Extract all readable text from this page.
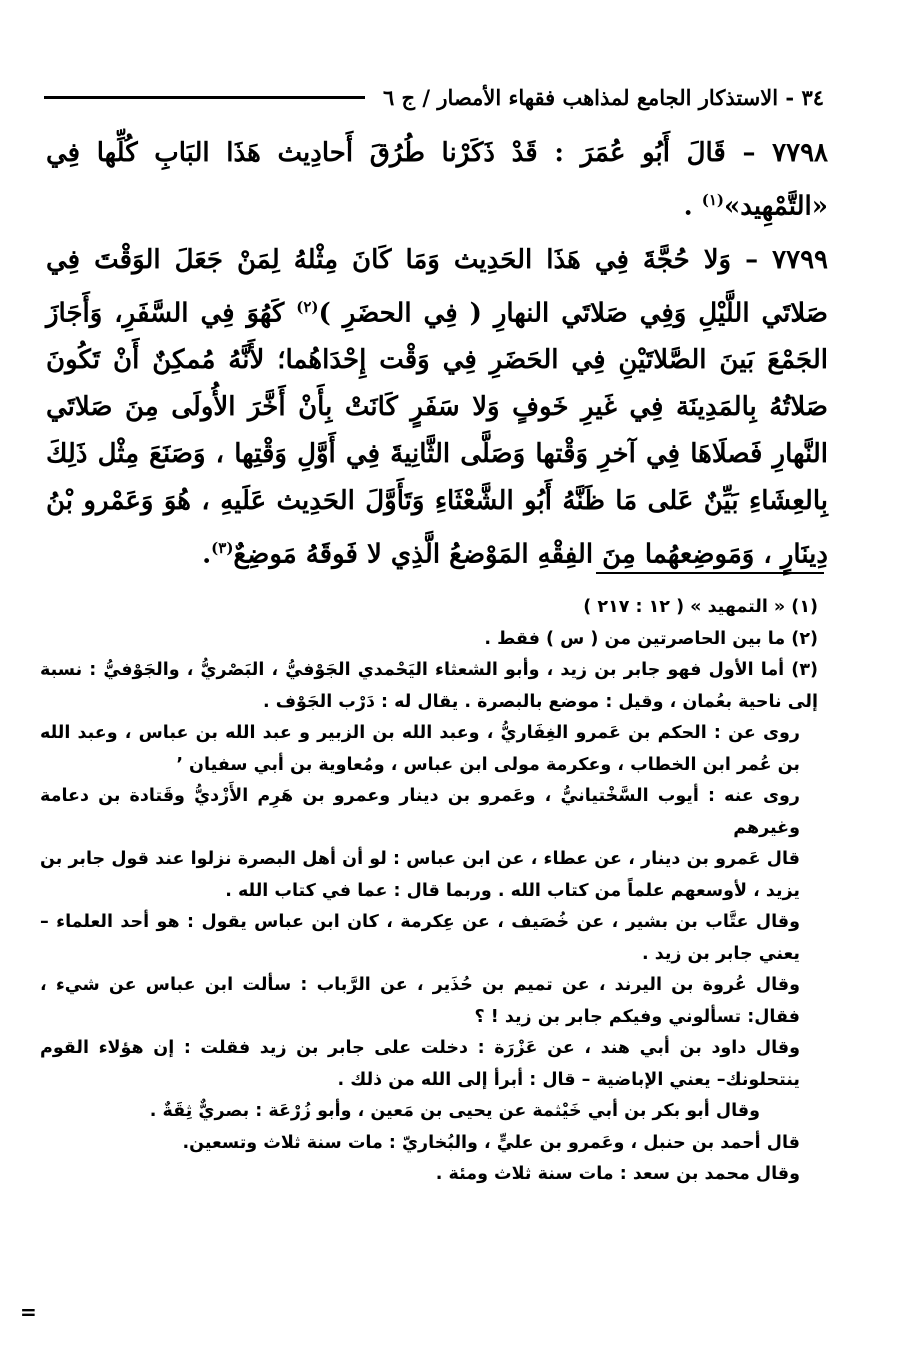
٣٤ - الاستذكار الجامع لمذاهب فقهاء الأمصار / ج ٦

٧٧٩٨ – قَالَ أَبُو عُمَرَ : قَدْ ذَكَرْنا طُرُقَ أَحادِيث هَذَا البَابِ كُلِّها فِي «التَّمْهِيد»$^{(١)}$ .

٧٧٩٩ – وَلا حُجَّةَ فِي هَذَا الحَدِيث وَمَا كَانَ مِثْلهُ لِمَنْ جَعَلَ الوَقْتَ فِي صَلاتَي اللَّيْلِ وَفِي صَلاتَي النهارِ ( فِي الحضَرِ )$^{(٢)}$ كَهُوَ فِي السَّفَرِ، وَأَجَازَ الجَمْعَ بَينَ الصَّلاتَيْنِ فِي الحَضَرِ فِي وَقْت إِحْدَاهُما؛ لأَنَّهُ مُمكِنٌ أَنْ تَكُونَ صَلاتُهُ بِالمَدِينَة فِي غَيرِ خَوفٍ وَلا سَفَرٍ كَانَتْ بِأَنْ أَخَّرَ الأُولَى مِنَ صَلاتَي النَّهارِ فَصلَاهَا فِي آخرِ وَقْتها وَصَلَّى الثَّانِيةَ فِي أَوَّلِ وَقْتِها ، وَصَنَعَ مِثْل ذَلِكَ بِالعِشَاءِ بَيِّنٌ عَلى مَا ظَنَّهُ أَبُو الشَّعْثَاءِ وَتَأَوَّلَ الحَدِيث عَلَيهِ ، هُوَ وَعَمْرو بْنُ دِينَارٍ ، وَمَوضِعهُما مِنَ الفِقْهِ المَوْضعُ الَّذِي لا فَوقَهُ مَوضِعٌ$^{(٣)}$.

(١) « التمهيد » ( ١٢ : ٢١٧ )

(٢) ما بين الحاصرتين من ( س ) فقط .

(٣) أما الأول فهو جابر بن زيد ، وأبو الشعثاء اليَحْمدي الجَوْفيُّ ، البَصْريُّ ، والجَوْفيُّ : نسبة إلى ناحية بعُمان ، وقيل : موضع بالبصرة . يقال له : دَرْب الجَوْف .

روى عن : الحكم بن عَمرو الغِفَاريُّ ، وعبد الله بن الزبير و عبد الله بن عباس ، وعبد الله بن عُمر ابن الخطاب ، وعكرمة مولى ابن عباس ، ومُعاوية بن أبي سفيان ٬

روى عنه : أيوب السَّخْتيانيُّ ، وعَمرو بن دينار وعمرو بن هَرِم الأَزْديُّ وقَتادة بن دعامة وغيرهم

قال عَمرو بن دينار ، عن عطاء ، عن ابن عباس : لو أن أهل البصرة نزلوا عند قول جابر بن يزيد ، لأوسعهم علماً من كتاب الله . وربما قال : عما في كتاب الله .

وقال عتَّاب بن بشير ، عن خُصَيف ، عن عِكرمة ، كان ابن عباس يقول : هو أحد العلماء – يعني جابر بن زيد .

وقال عُروة بن اليرند ، عن تميم بن حُذَير ، عن الرَّباب : سألت ابن عباس عن شيء ، فقال: تسألوني وفيكم جابر بن زيد ! ؟

وقال داود بن أبي هند ، عن عَزْرَة : دخلت على جابر بن زيد فقلت : إن هؤلاء القوم ينتحلونك– يعني الإباضية – قال : أبرأ إلى الله من ذلك .

وقال أبو بكر بن أبي خَيْثمة عن يحيى بن مَعين ، وأبو زُرْعَة : بصريٌّ ثِقَةٌ .

قال أحمد بن حنبل ، وعَمرو بن عليٍّ ، والبُخاريّ : مات سنة ثلاث وتسعين.

وقال محمد بن سعد : مات سنة ثلاث ومئة .

=
